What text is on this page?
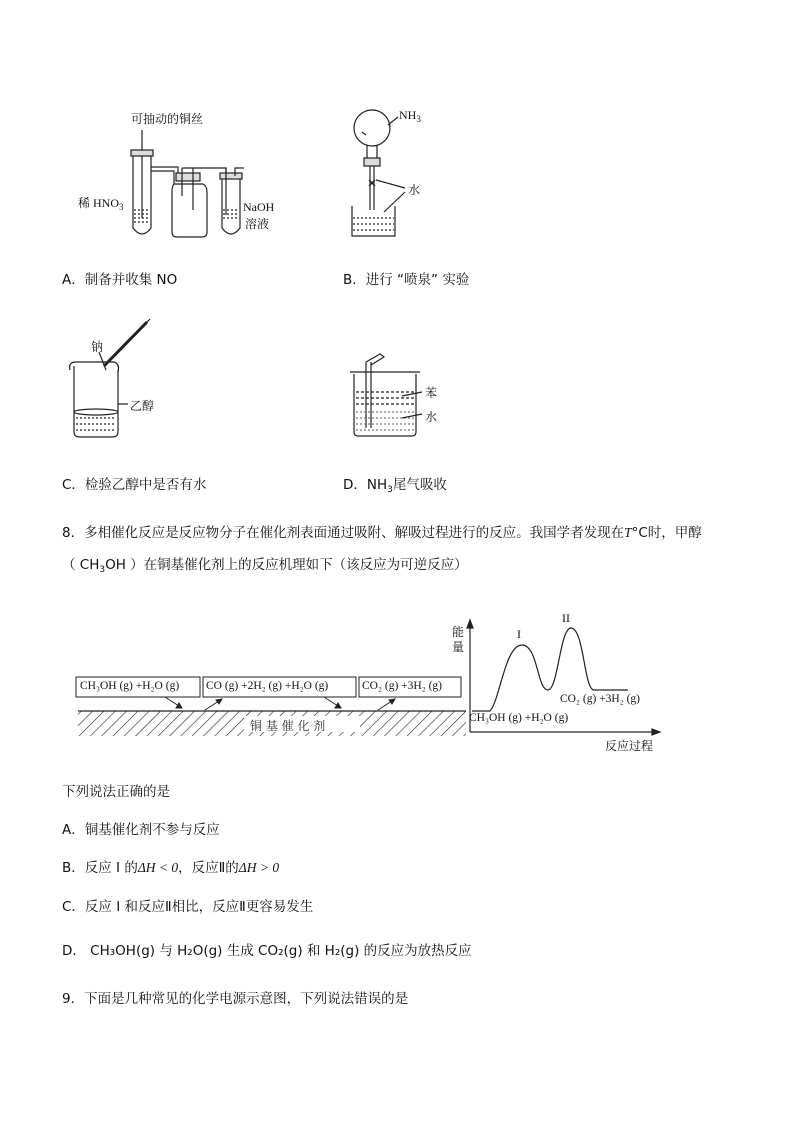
可抽动的铜丝
稀 $HNO_3$	NaOH
溶液
$NH_3$
水
A．制备并收集 NO	B．进行 “喷泉” 实验
钠
乙醇
苯
水
C．检验乙醇中是否有水	D．$NH_3$尾气吸收
8．多相催化反应是反应物分子在催化剂表面通过吸附、解吸过程进行的反应。我国学者发现在T°C时，甲醇
（ $CH_3OH$ ）在铜基催化剂上的反应机理如下（该反应为可逆反应）
CH₃OH (g) +H₂O (g) CO (g) +2H₂ (g) +H₂O (g)	CO₂ (g) +3H₂ (g)
铜 基 催 化 剂
能量
反应过程
I
II
CH₃OH (g) +H₂O (g)
CO₂ (g) +3H₂ (g)
下列说法正确的是
A．铜基催化剂不参与反应
B．反应 I 的ΔH < 0，反应Ⅱ的ΔH > 0
C．反应 I 和反应Ⅱ相比，反应Ⅱ更容易发生
D． CH₃OH(g) 与 H₂O(g) 生成 CO₂(g) 和 H₂(g) 的反应为放热反应
9．下面是几种常见的化学电源示意图，下列说法错误的是
